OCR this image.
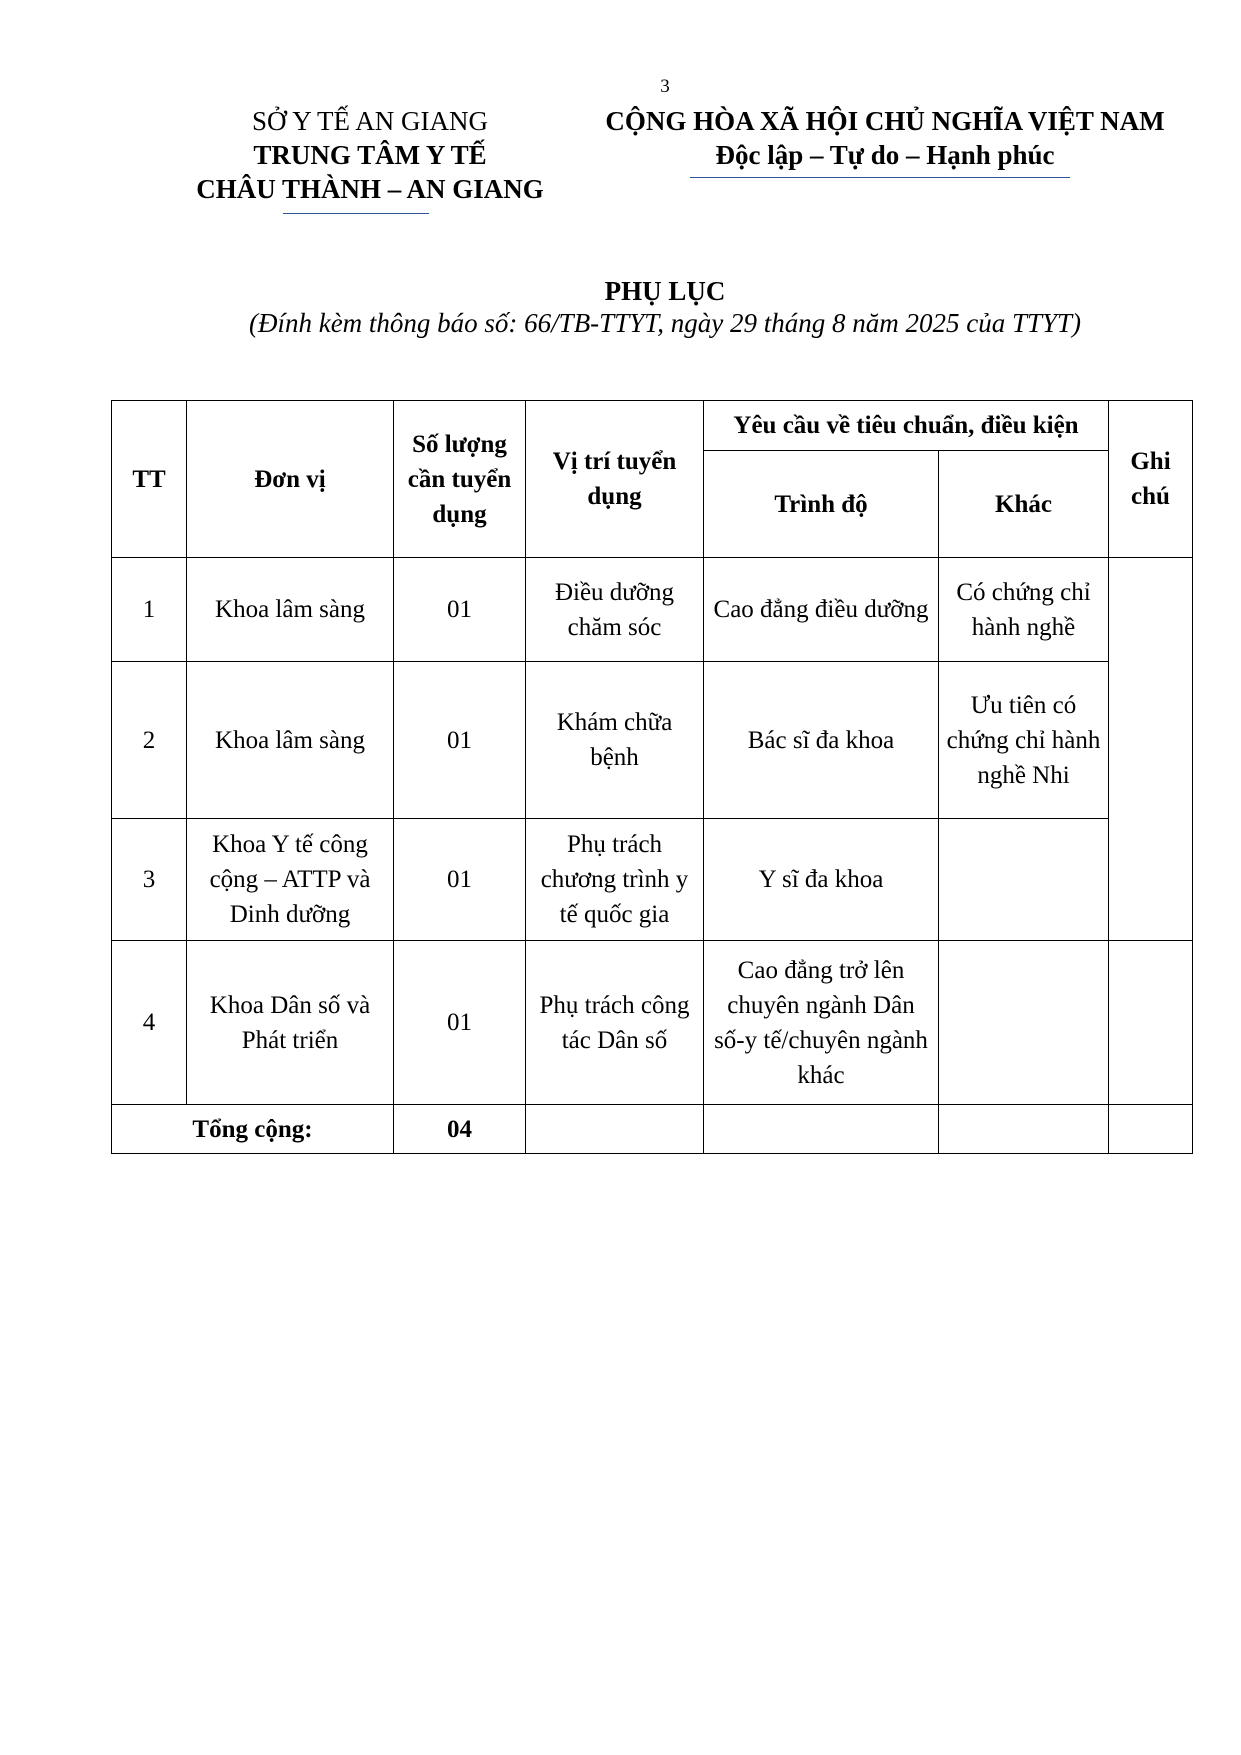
3
SỞ Y TẾ AN GIANG
TRUNG TÂM Y TẾ
CHÂU THÀNH – AN GIANG
CỘNG HÒA XÃ HỘI CHỦ NGHĨA VIỆT NAM
Độc lập – Tự do – Hạnh phúc
PHỤ LỤC
(Đính kèm thông báo số: 66/TB-TTYT, ngày 29 tháng 8 năm 2025 của TTYT)
TT	Đơn vị	Số lượng cần tuyển dụng	Vị trí tuyển dụng	Yêu cầu về tiêu chuẩn, điều kiện		Ghi chú
				Trình độ	Khác	
1	Khoa lâm sàng	01	Điều dưỡng chăm sóc	Cao đẳng điều dưỡng	Có chứng chỉ hành nghề	
2	Khoa lâm sàng	01	Khám chữa bệnh	Bác sĩ đa khoa	Ưu tiên có chứng chỉ hành nghề Nhi	
3	Khoa Y tế công cộng – ATTP và Dinh dưỡng	01	Phụ trách chương trình y tế quốc gia	Y sĩ đa khoa		
4	Khoa Dân số và Phát triển	01	Phụ trách công tác Dân số	Cao đẳng trở lên chuyên ngành Dân số-y tế/chuyên ngành khác		
Tổng cộng:		04				
